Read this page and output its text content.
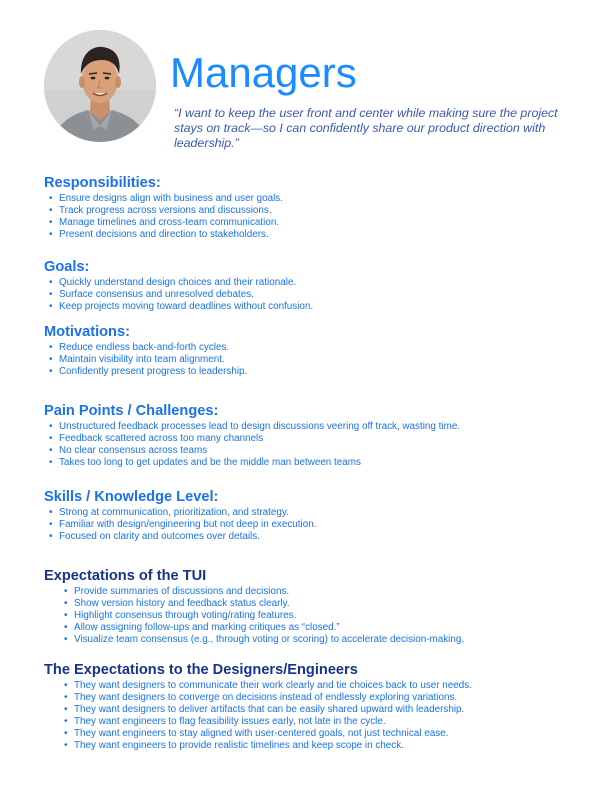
Managers
“I want to keep the user front and center while making sure the project stays on track—so I can confidently share our product direction with leadership.”
Responsibilities:
• Ensure designs align with business and user goals.
• Track progress across versions and discussions.
• Manage timelines and cross-team communication.
• Present decisions and direction to stakeholders.
Goals:
• Quickly understand design choices and their rationale.
• Surface consensus and unresolved debates.
• Keep projects moving toward deadlines without confusion.
Motivations:
• Reduce endless back-and-forth cycles.
• Maintain visibility into team alignment.
• Confidently present progress to leadership.
Pain Points / Challenges:
• Unstructured feedback processes lead to design discussions veering off track, wasting time.
• Feedback scattered across too many channels
• No clear consensus across teams
• Takes too long to get updates and be the middle man between teams
Skills / Knowledge Level:
• Strong at communication, prioritization, and strategy.
• Familiar with design/engineering but not deep in execution.
• Focused on clarity and outcomes over details.
Expectations of the TUI
• Provide summaries of discussions and decisions.
• Show version history and feedback status clearly.
• Highlight consensus through voting/rating features.
• Allow assigning follow-ups and marking critiques as “closed.”
• Visualize team consensus (e.g., through voting or scoring) to accelerate decision-making.
The Expectations to the Designers/Engineers
• They want designers to communicate their work clearly and tie choices back to user needs.
• They want designers to converge on decisions instead of endlessly exploring variations.
• They want designers to deliver artifacts that can be easily shared upward with leadership.
• They want engineers to flag feasibility issues early, not late in the cycle.
• They want engineers to stay aligned with user-centered goals, not just technical ease.
• They want engineers to provide realistic timelines and keep scope in check.
